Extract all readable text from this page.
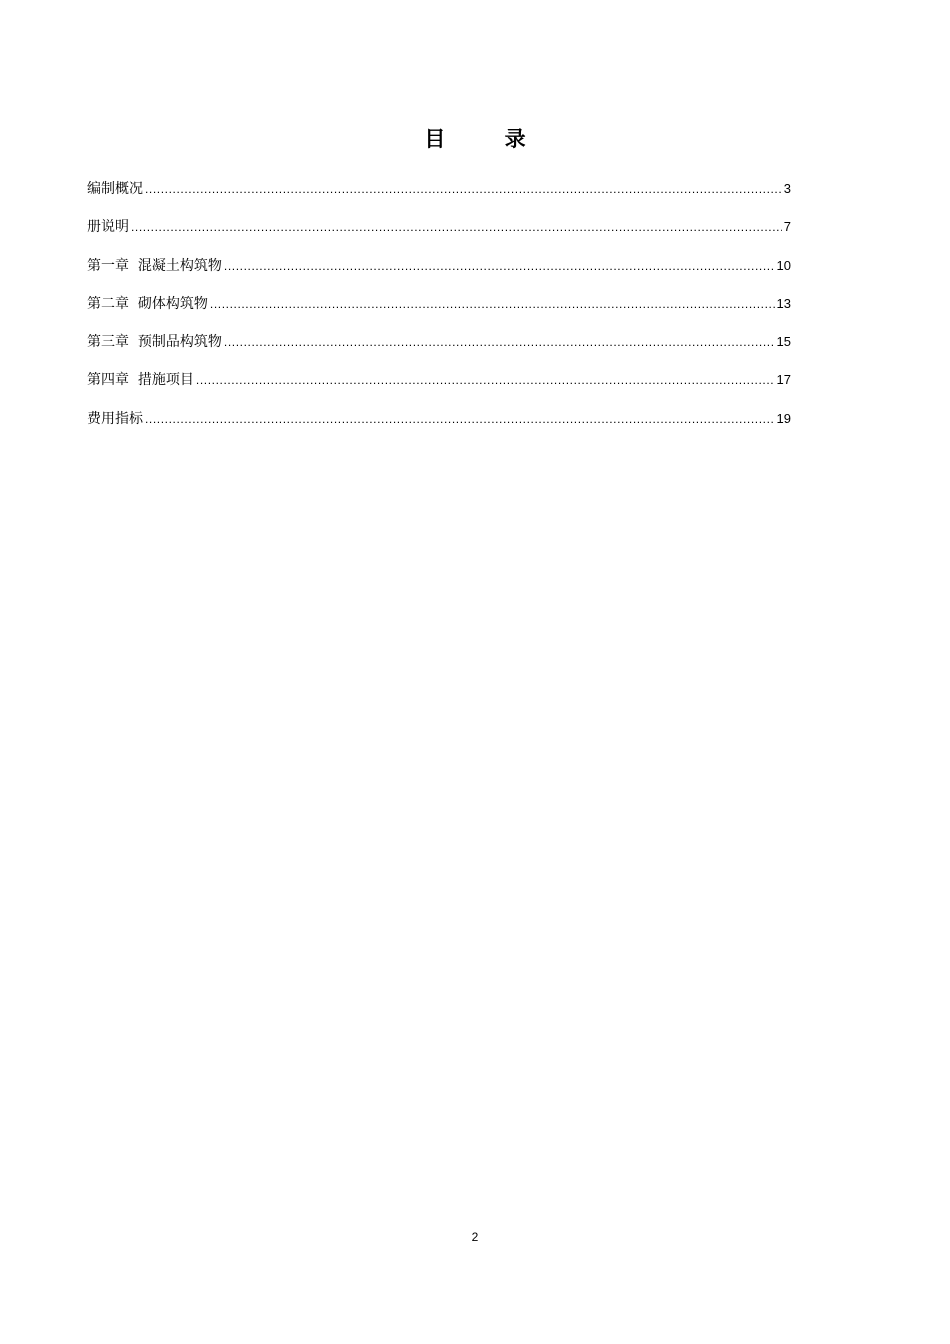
目 录
编制概况 .....	3
册说明 .....	7
第一章  混凝土构筑物 .....	10
第二章  砌体构筑物 .....	13
第三章  预制品构筑物 .....	15
第四章  措施项目 .....	17
费用指标 .....	19
2
